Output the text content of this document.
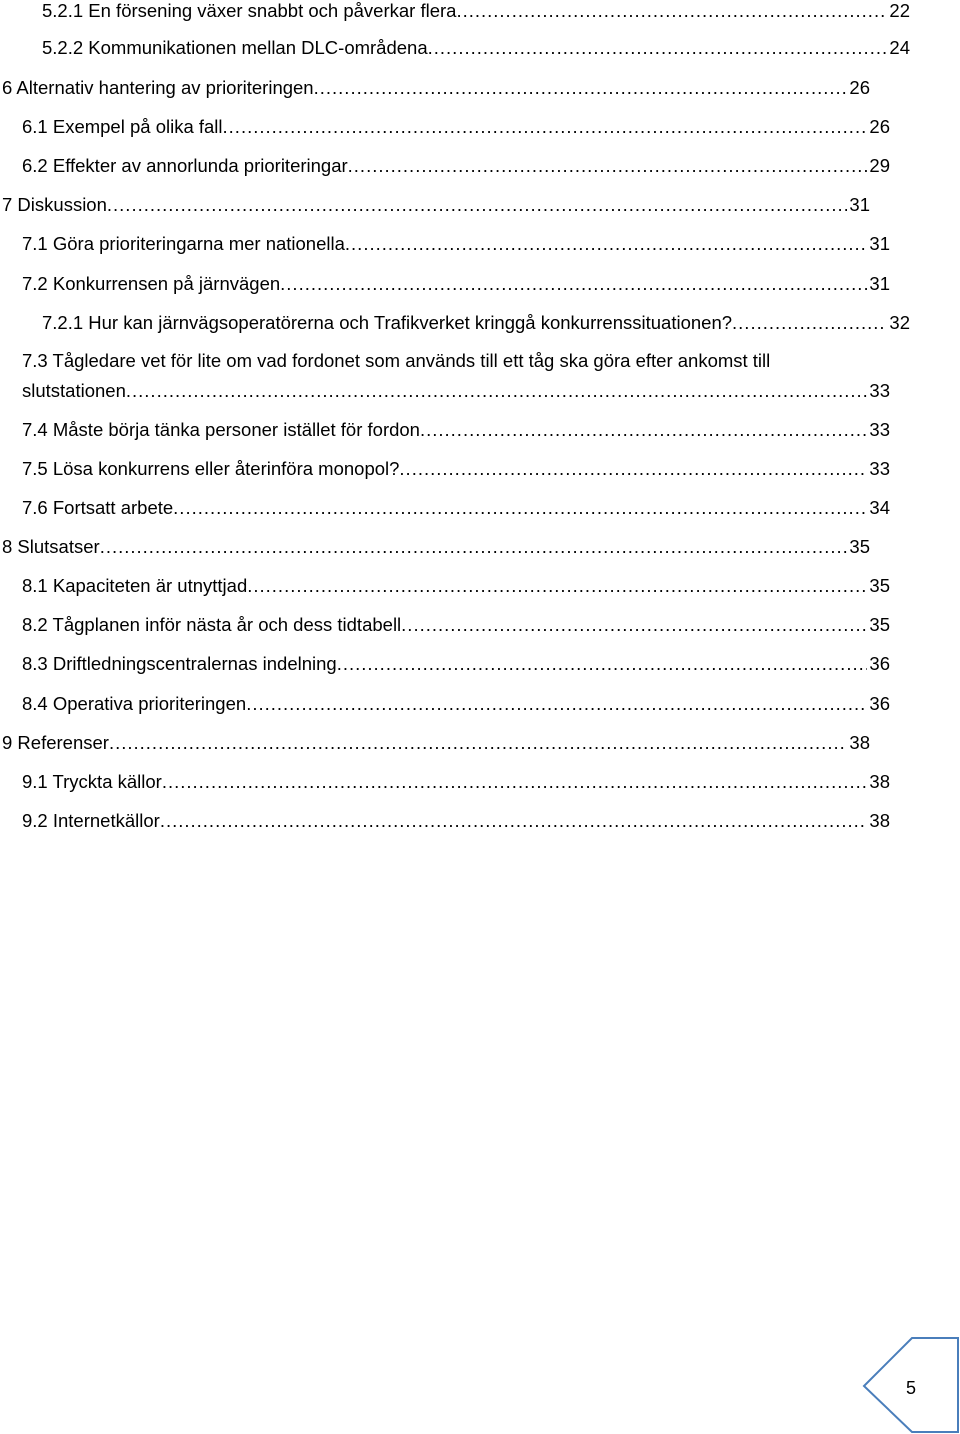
5.2.1 En försening växer snabbt och påverkar flera .....	22
5.2.2 Kommunikationen mellan DLC-områdena .....	24
6 Alternativ hantering av prioriteringen .....	26
6.1 Exempel på olika fall .....	26
6.2 Effekter av annorlunda prioriteringar .....	29
7 Diskussion .....	31
7.1 Göra prioriteringarna mer nationella .....	31
7.2 Konkurrensen på järnvägen .....	31
7.2.1 Hur kan järnvägsoperatörerna och Trafikverket kringgå konkurrenssituationen? .....	32
7.3 Tågledare vet för lite om vad fordonet som används till ett tåg ska göra efter ankomst till
slutstationen .....	33
7.4 Måste börja tänka personer istället för fordon .....	33
7.5 Lösa konkurrens eller återinföra monopol? .....	33
7.6 Fortsatt arbete .....	34
8 Slutsatser .....	35
8.1 Kapaciteten är utnyttjad .....	35
8.2 Tågplanen inför nästa år och dess tidtabell .....	35
8.3 Driftledningscentralernas indelning .....	36
8.4 Operativa prioriteringen .....	36
9 Referenser .....	38
9.1 Tryckta källor .....	38
9.2 Internetkällor .....	38
5
